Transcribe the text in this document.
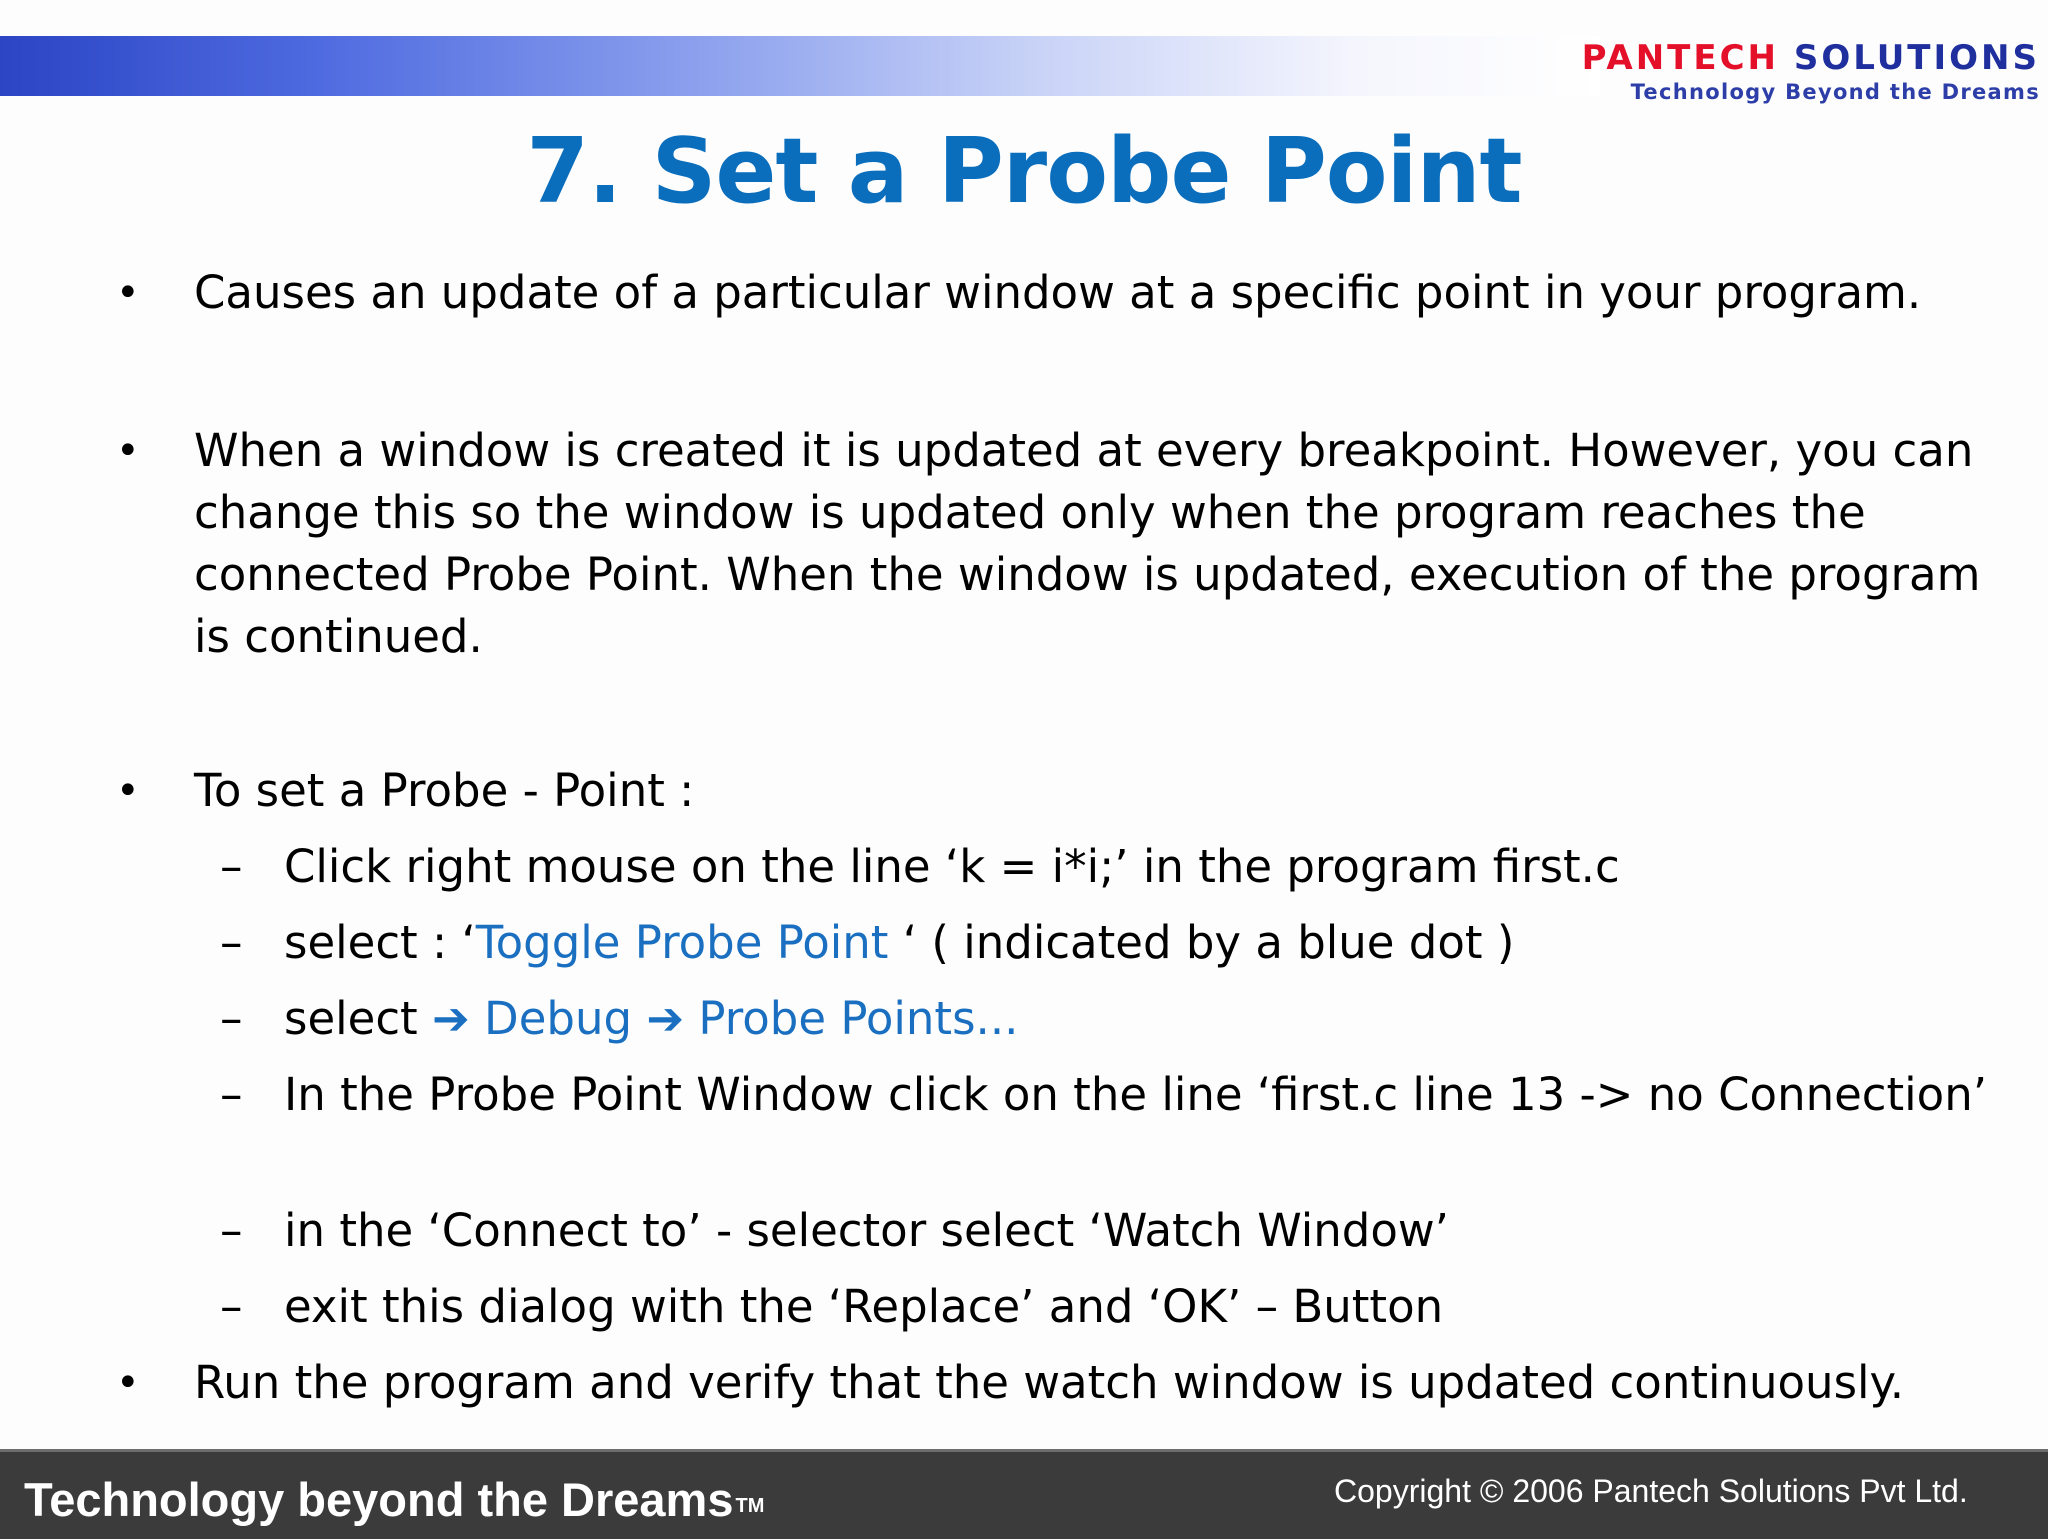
PANTECH SOLUTIONS
Technology Beyond the Dreams
7. Set a Probe Point
• Causes an update of a particular window at a specific point in your program.
• When a window is created it is updated at every breakpoint. However, you can change this so the window is updated only when the program reaches the connected Probe Point. When the window is updated, execution of the program is continued.
• To set a Probe - Point :
– Click right mouse on the line ‘k = i*i;’ in the program first.c
– select : ‘Toggle Probe Point ‘ ( indicated by a blue dot )
– select ➔ Debug ➔ Probe Points...
– In the Probe Point Window click on the line ‘first.c line 13 -> no Connection’
– in the ‘Connect to’ - selector select ‘Watch Window’
– exit this dialog with the ‘Replace’ and ‘OK’ – Button
• Run the program and verify that the watch window is updated continuously.
Technology beyond the Dreams ™	Copyright © 2006 Pantech Solutions Pvt Ltd.
